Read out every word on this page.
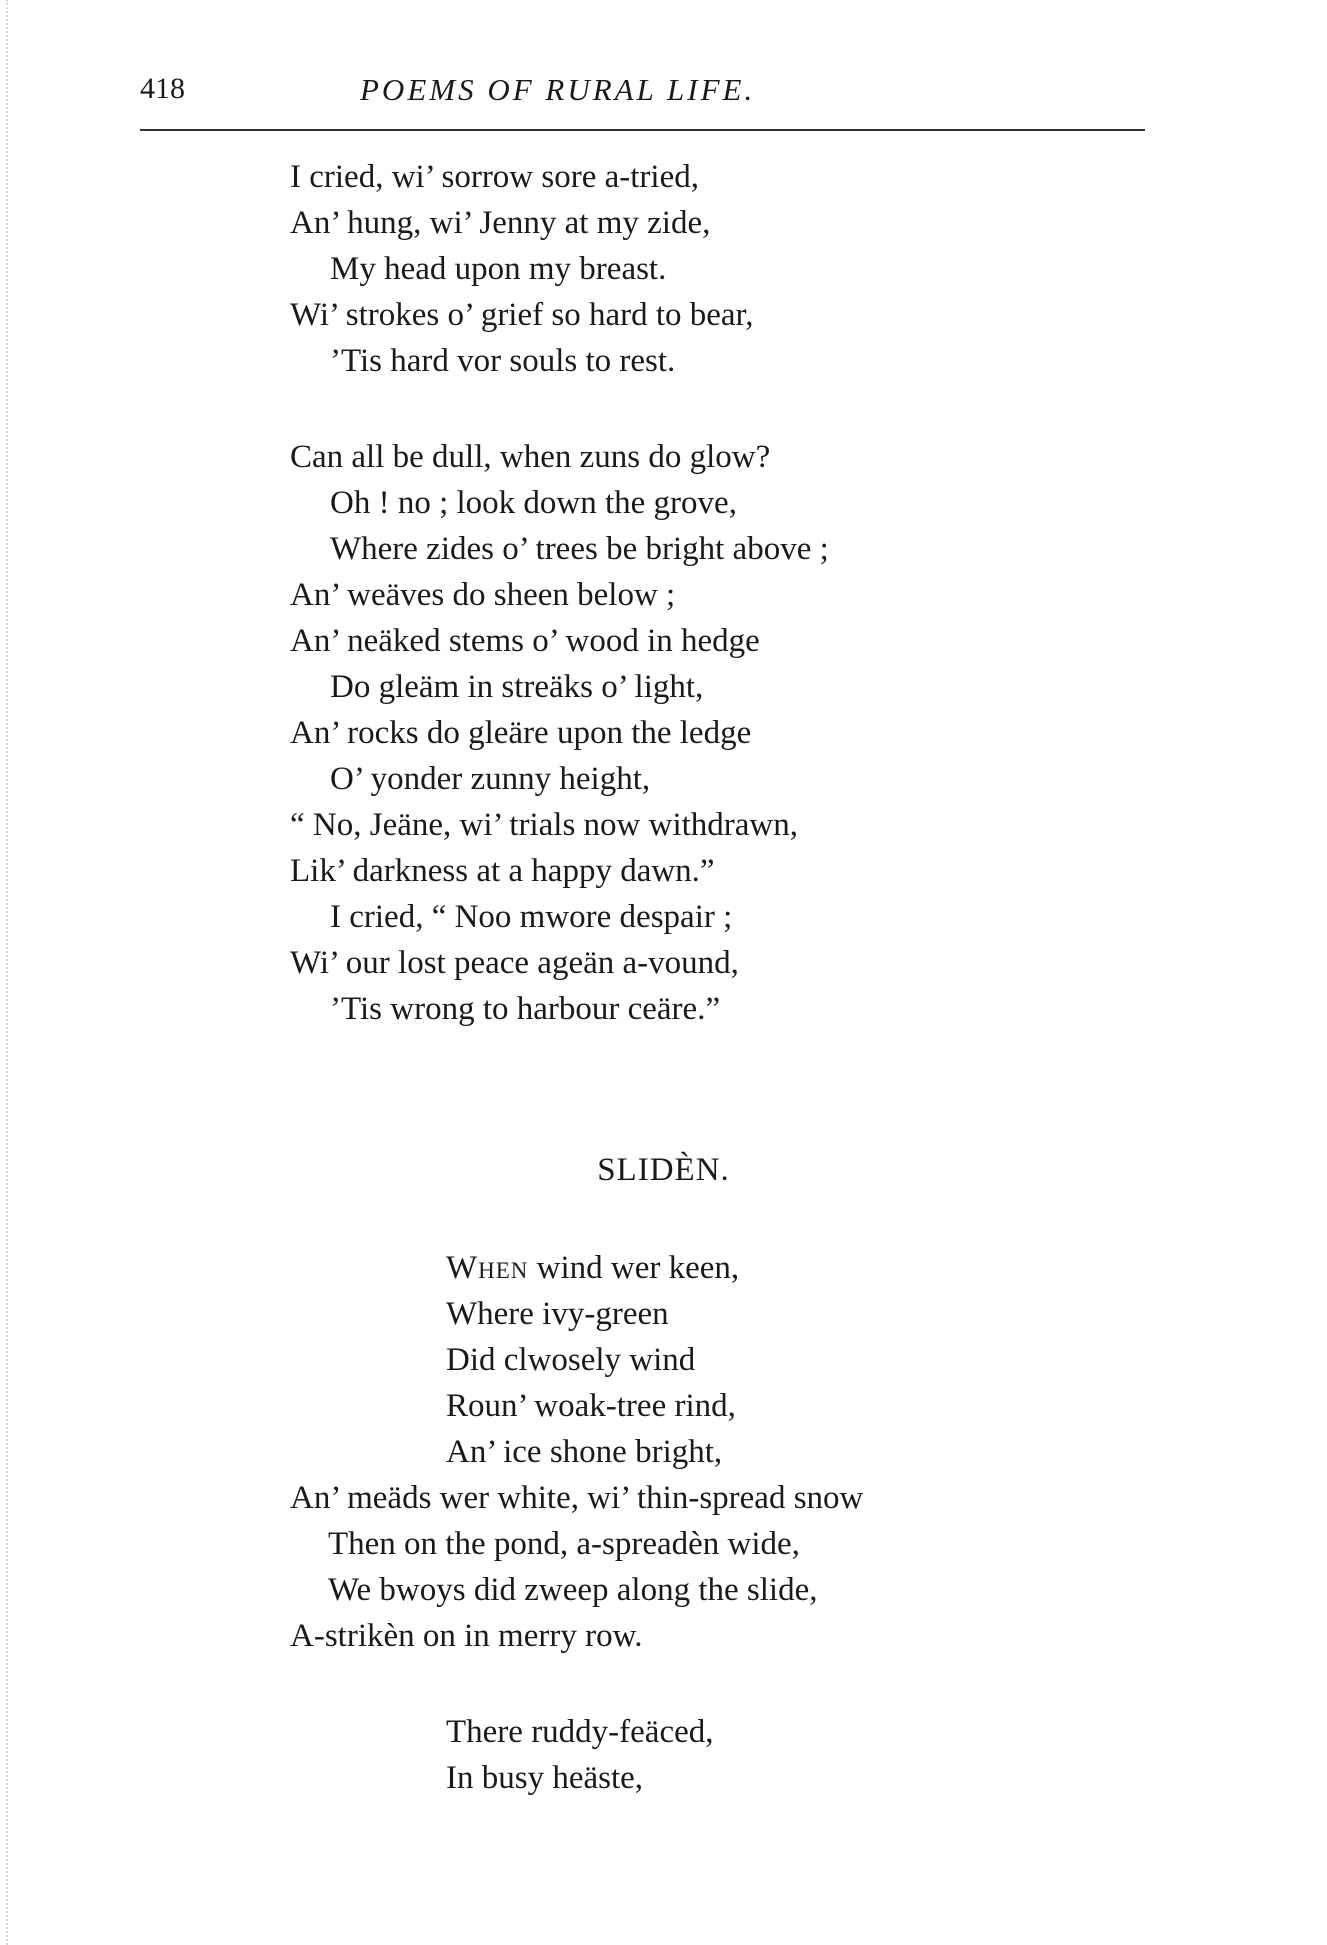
418	POEMS OF RURAL LIFE.

I cried, wi’ sorrow sore a-tried,

An’ hung, wi’ Jenny at my zide,

My head upon my breast.

Wi’ strokes o’ grief so hard to bear,

’Tis hard vor souls to rest.

Can all be dull, when zuns do glow?

Oh ! no ; look down the grove,

Where zides o’ trees be bright above ;

An’ weäves do sheen below ;

An’ neäked stems o’ wood in hedge

Do gleäm in streäks o’ light,

An’ rocks do gleäre upon the ledge

O’ yonder zunny height,

“ No, Jeäne, wi’ trials now withdrawn,

Lik’ darkness at a happy dawn.”

I cried, “ Noo mwore despair ;

Wi’ our lost peace ageän a-vound,

’Tis wrong to harbour ceäre.”

SLIDÈN.

When wind wer keen,

Where ivy-green

Did clwosely wind

Roun’ woak-tree rind,

An’ ice shone bright,

An’ meäds wer white, wi’ thin-spread snow

Then on the pond, a-spreadèn wide,

We bwoys did zweep along the slide,

A-strikèn on in merry row.

There ruddy-feäced,

In busy heäste,
